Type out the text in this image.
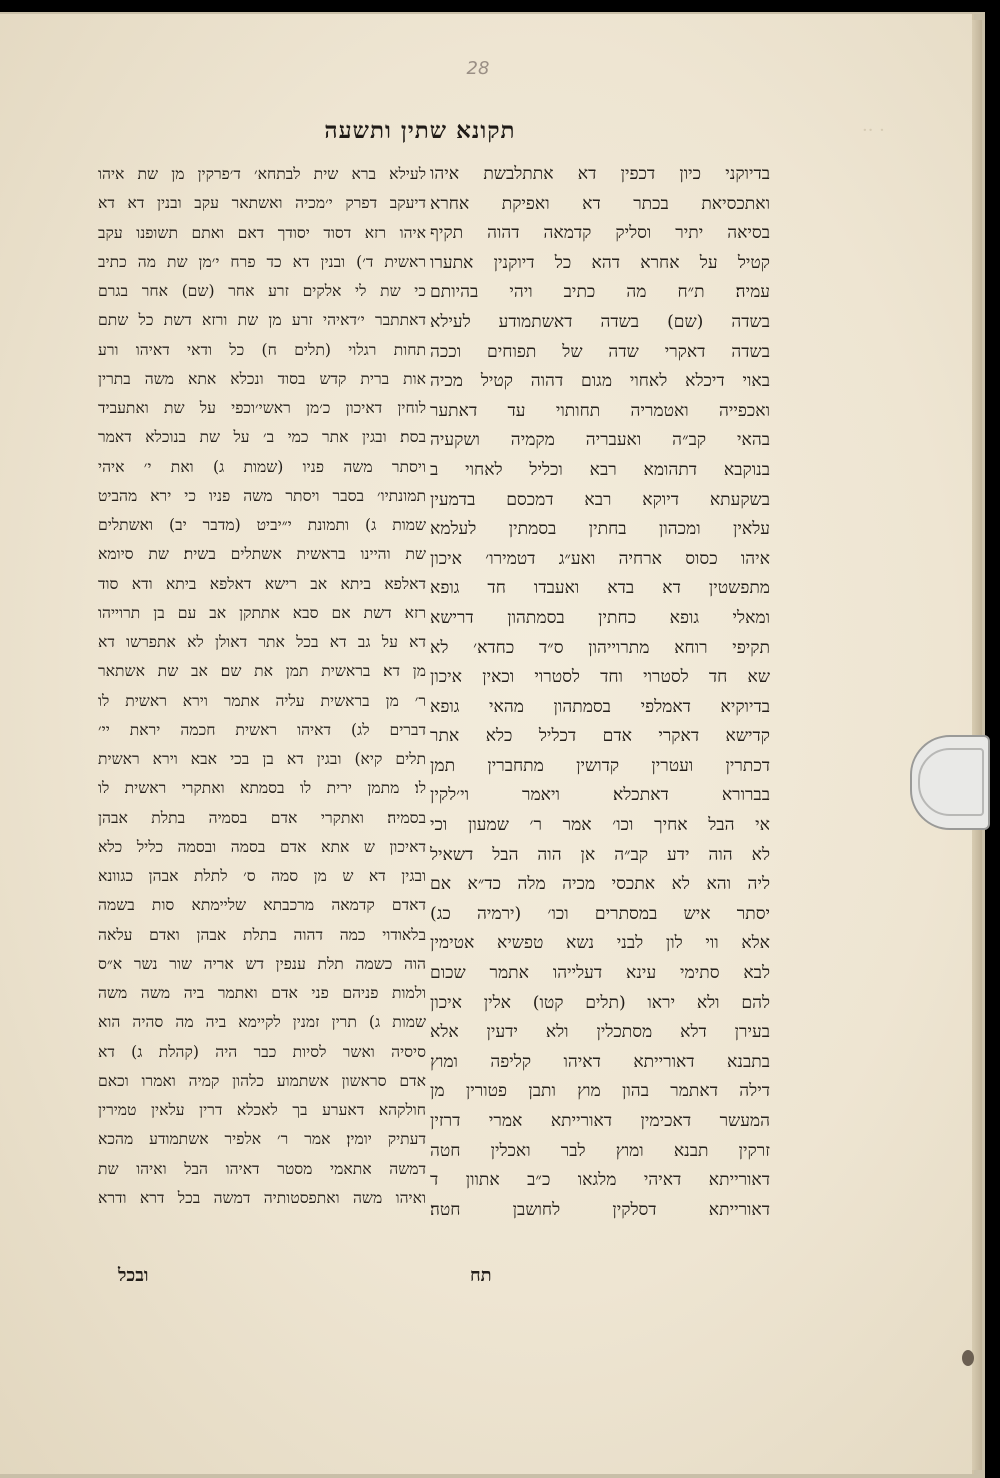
28
·· ·
תקונא שתין ותשעה
בדיוקני כיון דכפין דא אתתלבשת איהו
ואתכסיאת בכתר דא ואפיקת אחרא
בסיאה יתיר וסליק קדמאה דהוה תקיף
קטיל על אחרא דהא כל דיוקנין אתערו
עמיה׃ ת״ח מה כתיב ויהי בהיותם
בשדה (שם) בשדה דאשתמודע לעילא
בשדה דאקרי שדה של תפוחים וככה
באוי דיכלא לאחוי מגום דהוה קטיל מכיה
ואכפייה ואטמריה תחותוי עד דאתער
בהאי קב״ה ואעבריה מקמיה ושקעיה
בנוקבא דתהומא רבא וכליל לאחוי ב
בשקעתא דיוקא רבא דמכסם בדמעין
עלאין ומכהון בחתין בסמתין לעלמא
איהו כסוס ארחיה ואע״ג דטמירו׳ איכון
מתפשטין דא בדא ואעבדו חד גופא
ומאלי גופא כחתין בסמתהון דרישא
תקיפי רוחא מתרוייהון ס״ד כחדא׳ לא
שא חד לסטרוי וחד לסטרוי וכאין איכון
בדיוקיא דאמלפי בסמתהון מהאי גופא
קדישא דאקרי אדם דכליל כלא אתר
דכתרין ועטרין קדושין מתחברין תמן
בברורא דאתכלא׃ ויאמר וי׳לקין
אי הבל אחיך וכו׳ אמר ר׳ שמעון וכי
לא הוה ידע קב״ה אן הוה הבל דשאיל
ליה והא לא אתכסי מכיה מלה כד״א אם
יסתר איש במסתרים וכו׳ (ירמיה כג)
אלא ווי לון לבני נשא טפשיא אטימין
לבא סתימי עינא דעלייהו אתמר שכום
להם ולא יראו (תלים קטו) אלין איכון
בעירן דלא מסתכלין ולא ידעין אלא
בתבנא דאורייתא דאיהו קליפה ומוץ
דילה דאתמר בהון מוץ ותבן פטורין מן
המעשר דאכימין דאורייתא אמרי דרזין
זרקין תבנא ומוץ לבר ואכלין חטה
דאורייתא דאיהי מלגאו כ״ב אתוון ד
דאורייתא דסלקין לחושבן חטה׃
לעילא ברא שית לבתחא׳ ד׳פרקין מן שת איהו
דיעקב דפרק י׳מכיה ואשתאר עקב ובנין דא דא
איהו רזא דסוד יסודך דאם ואתם תשופנו עקב
ראשית ד׳) ובנין דא כד פרח י׳מן שת מה כתיב
כי שת לי אלקים זרע אחר (שם) אחר בגרם
דאתתבר י׳דאיהי זרע מן שת ורזא דשת כל שתם
תחות רגלוי (תלים ח) כל ודאי דאיהו ורע
אות ברית קדש בסוד ונכלא אתא משה בתרין
לוחין דאיכון כ׳מן ראשי׳וכפי על שת ואתעביד
בסת׃ ובגין אתר כמי ב׳ על שת בנוכלא דאמר
ויסתר משה פניו (שמות ג) ואת י׳ איהי
תמונתיו׳ בסבר ויסתר משה פניו כי ירא מהביט
שמות ג) ותמונת י״יביט (מדבר יב) ואשתלים
שת והיינו בראשית אשתלים בשית׃ שת סיומא
דאלפא ביתא אב רישא דאלפא ביתא ודא סוד
רזא דשת אם סבא אתתקן אב עם בן תרוייהו
דא על גב דא בכל אתר דאולן לא אתפרשו דא
מן דא׃ בראשית תמן את שם׃ אב שת אשתאר
ר׳ מן בראשית עליה אתמר וירא ראשית לו
דברים לג) דאיהו ראשית חכמה יראת יי׳
תלים קיא) ובגין דא בן בכי אבא וירא ראשית
לו׃ מתמן ירית לו בסמתא ואתקרי ראשית לו
בסמיה׃ ואתקרי אדם בסמיה בתלת אבהן
דאיכון ש אתא אדם בסמה ובסמה כליל כלא
ובגין דא ש מן סמה ס׳ לתלת אבהן כגוונא
דאדם קדמאה מרכבתא שליימתא סות בשמה
בלאודוי כמה דהוה בתלת אבהן ואדם עלאה
הוה כשמה תלת ענפין דש אריה שור נשר א״ס
ולמות פניהם פני אדם ואתמר ביה משה משה
שמות ג) תרין זמנין לקיימא ביה מה סהיה הוא
סיסיה ואשר לסיות כבר היה (קהלת ג) דא
אדם סראשון אשתמוע כלהון קמיה ואמרו וכאם
חולקהא דאערע בך לאכלא דרין עלאין טמירין
דעתיק יומין׃ אמר ר׳ אלפיר אשתמודע מהכא
דמשה אתאמי מסטר דאיהו הבל ואיהו שת
ואיהו משה ואתפסטותיה דמשה בכל דרא ודרא
תח
ובכל
